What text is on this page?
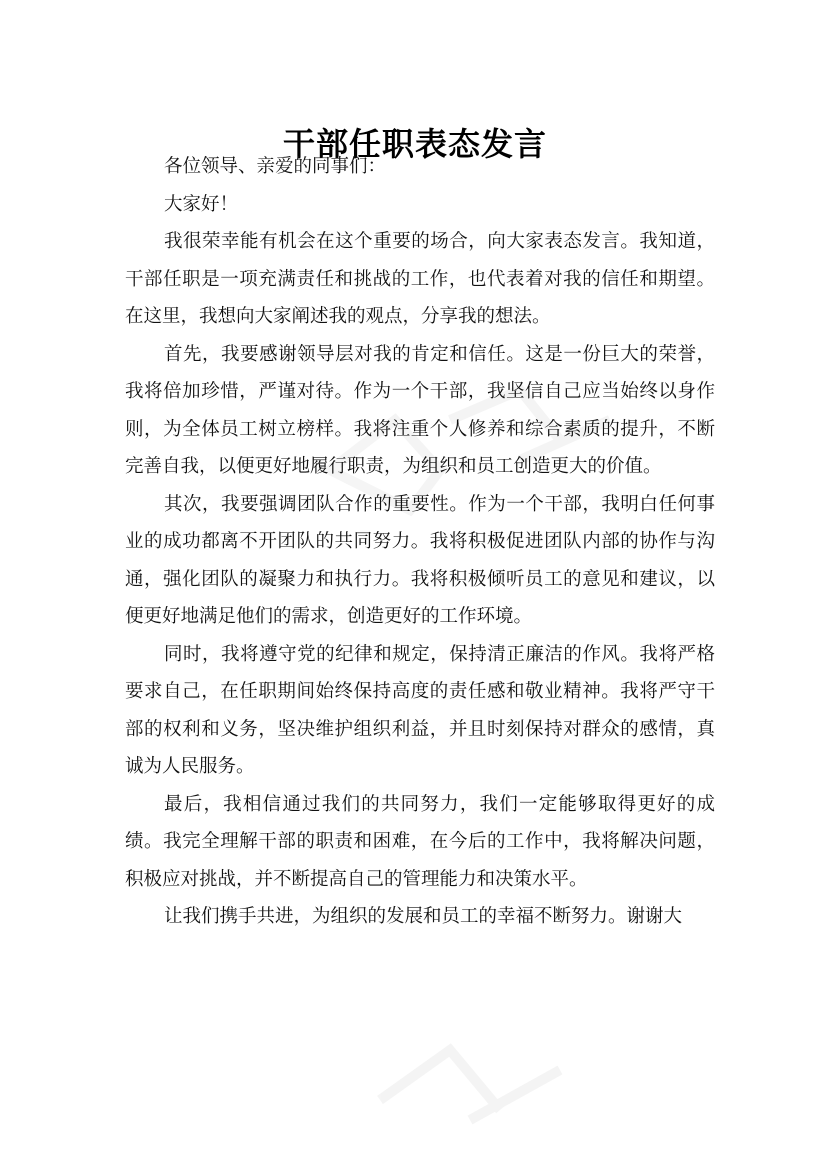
干部任职表态发言

各位领导、亲爱的同事们：

大家好！

我很荣幸能有机会在这个重要的场合，向大家表态发言。我知道，干部任职是一项充满责任和挑战的工作，也代表着对我的信任和期望。在这里，我想向大家阐述我的观点，分享我的想法。

首先，我要感谢领导层对我的肯定和信任。这是一份巨大的荣誉，我将倍加珍惜，严谨对待。作为一个干部，我坚信自己应当始终以身作则，为全体员工树立榜样。我将注重个人修养和综合素质的提升，不断完善自我，以便更好地履行职责，为组织和员工创造更大的价值。

其次，我要强调团队合作的重要性。作为一个干部，我明白任何事业的成功都离不开团队的共同努力。我将积极促进团队内部的协作与沟通，强化团队的凝聚力和执行力。我将积极倾听员工的意见和建议，以便更好地满足他们的需求，创造更好的工作环境。

同时，我将遵守党的纪律和规定，保持清正廉洁的作风。我将严格要求自己，在任职期间始终保持高度的责任感和敬业精神。我将严守干部的权利和义务，坚决维护组织利益，并且时刻保持对群众的感情，真诚为人民服务。

最后，我相信通过我们的共同努力，我们一定能够取得更好的成绩。我完全理解干部的职责和困难，在今后的工作中，我将解决问题，积极应对挑战，并不断提高自己的管理能力和决策水平。

让我们携手共进，为组织的发展和员工的幸福不断努力。谢谢大
